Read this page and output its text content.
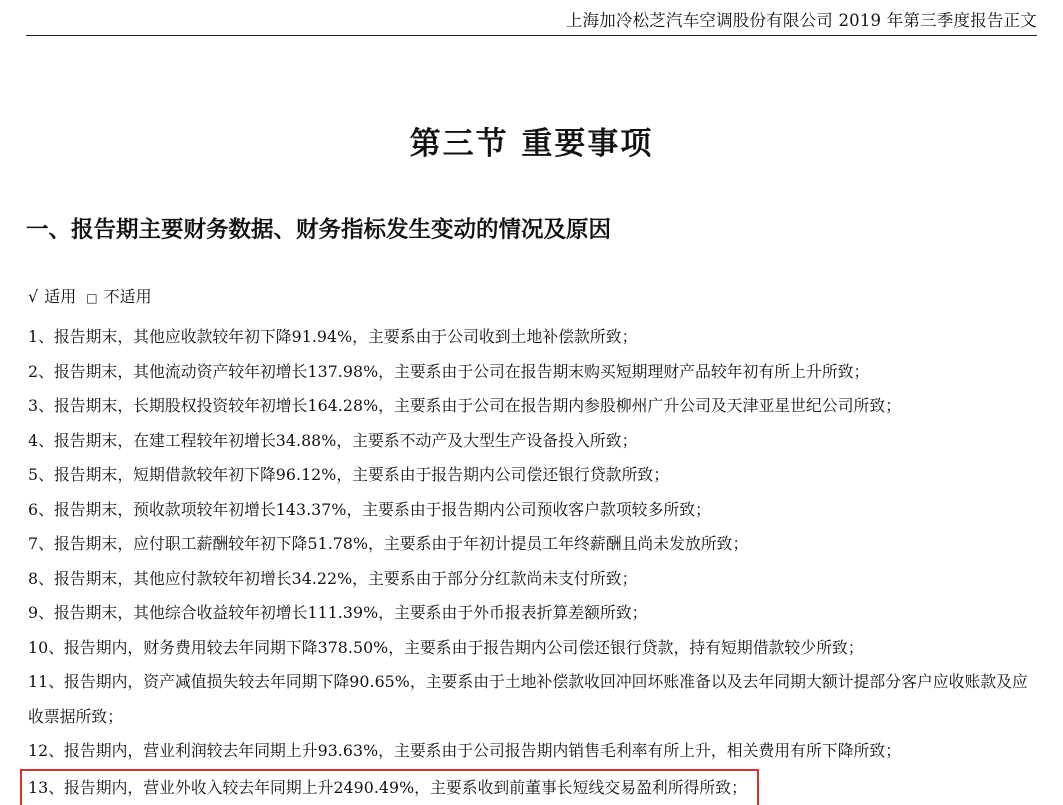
上海加冷松芝汽车空调股份有限公司 2019 年第三季度报告正文
第三节 重要事项
一、报告期主要财务数据、财务指标发生变动的情况及原因
√ 适用 □ 不适用
1、报告期末，其他应收款较年初下降91.94%，主要系由于公司收到土地补偿款所致；
2、报告期末，其他流动资产较年初增长137.98%，主要系由于公司在报告期末购买短期理财产品较年初有所上升所致；
3、报告期末，长期股权投资较年初增长164.28%，主要系由于公司在报告期内参股柳州广升公司及天津亚星世纪公司所致；
4、报告期末，在建工程较年初增长34.88%，主要系不动产及大型生产设备投入所致；
5、报告期末，短期借款较年初下降96.12%，主要系由于报告期内公司偿还银行贷款所致；
6、报告期末，预收款项较年初增长143.37%，主要系由于报告期内公司预收客户款项较多所致；
7、报告期末，应付职工薪酬较年初下降51.78%，主要系由于年初计提员工年终薪酬且尚未发放所致；
8、报告期末，其他应付款较年初增长34.22%，主要系由于部分分红款尚未支付所致；
9、报告期末，其他综合收益较年初增长111.39%，主要系由于外币报表折算差额所致；
10、报告期内，财务费用较去年同期下降378.50%，主要系由于报告期内公司偿还银行贷款，持有短期借款较少所致；
11、报告期内，资产减值损失较去年同期下降90.65%，主要系由于土地补偿款收回冲回坏账准备以及去年同期大额计提部分客户应收账款及应收票据所致；
12、报告期内，营业利润较去年同期上升93.63%，主要系由于公司报告期内销售毛利率有所上升，相关费用有所下降所致；
13、报告期内，营业外收入较去年同期上升2490.49%，主要系收到前董事长短线交易盈利所得所致；
